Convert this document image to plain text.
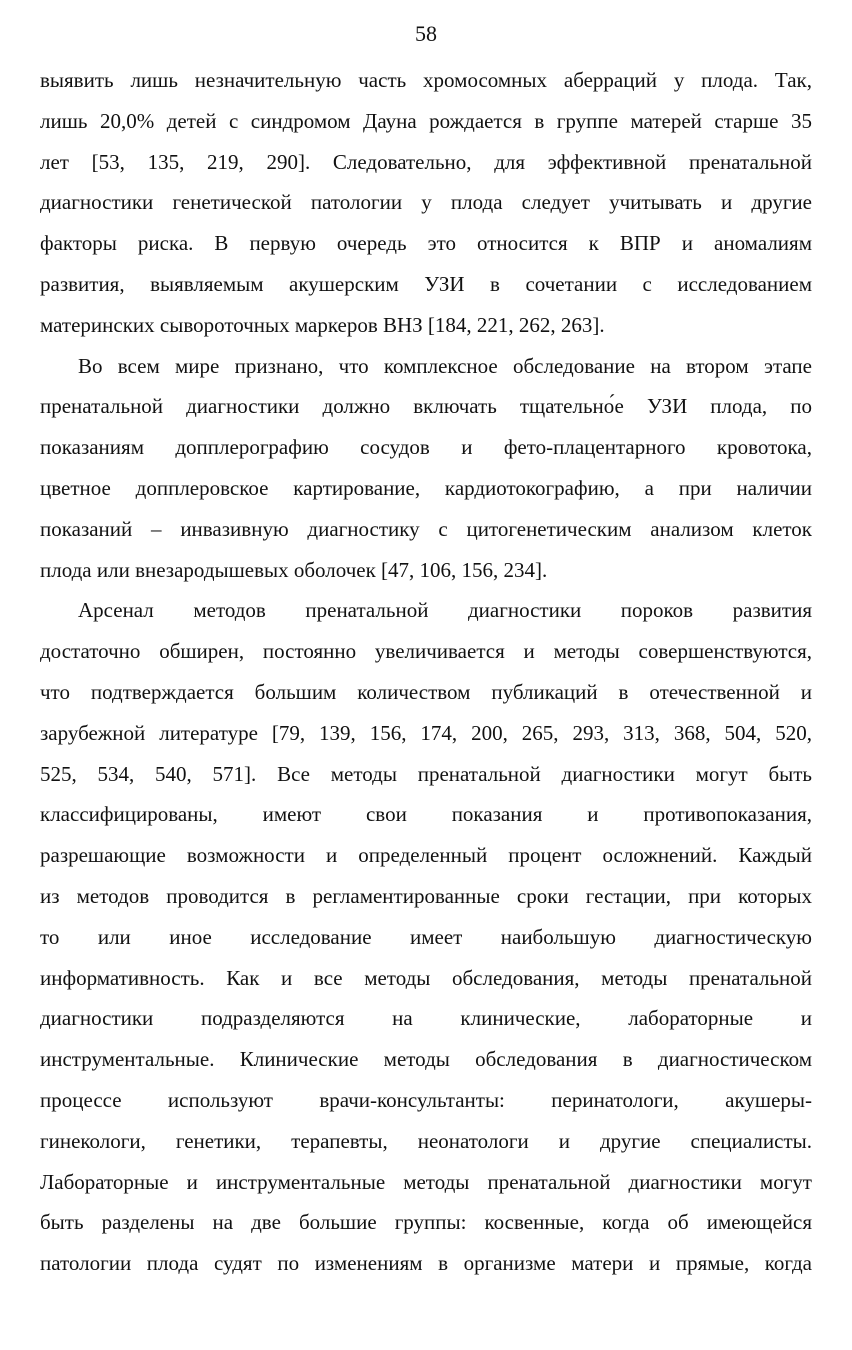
58

выявить лишь незначительную часть хромосомных аберраций у плода. Так,
лишь 20,0% детей с синдромом Дауна рождается в группе матерей старше 35
лет [53, 135, 219, 290]. Следовательно, для эффективной пренатальной
диагностики генетической патологии у плода следует учитывать и другие
факторы риска. В первую очередь это относится к ВПР и аномалиям
развития, выявляемым акушерским УЗИ в сочетании с исследованием
материнских сывороточных маркеров ВНЗ [184, 221, 262, 263].

Во всем мире признано, что комплексное обследование на втором этапе
пренатальной диагностики должно включать тщательно́е УЗИ плода, по
показаниям допплерографию сосудов и фето-плацентарного кровотока,
цветное допплеровское картирование, кардиотокографию, а при наличии
показаний – инвазивную диагностику с цитогенетическим анализом клеток
плода или внезародышевых оболочек [47, 106, 156, 234].

Арсенал методов пренатальной диагностики пороков развития
достаточно обширен, постоянно увеличивается и методы совершенствуются,
что подтверждается большим количеством публикаций в отечественной и
зарубежной литературе [79, 139, 156, 174, 200, 265, 293, 313, 368, 504, 520,
525, 534, 540, 571]. Все методы пренатальной диагностики могут быть
классифицированы, имеют свои показания и противопоказания,
разрешающие возможности и определенный процент осложнений. Каждый
из методов проводится в регламентированные сроки гестации, при которых
то или иное исследование имеет наибольшую диагностическую
информативность. Как и все методы обследования, методы пренатальной
диагностики подразделяются на клинические, лабораторные и
инструментальные. Клинические методы обследования в диагностическом
процессе используют врачи-консультанты: перинатологи, акушеры-
гинекологи, генетики, терапевты, неонатологи и другие специалисты.
Лабораторные и инструментальные методы пренатальной диагностики могут
быть разделены на две большие группы: косвенные, когда об имеющейся
патологии плода судят по изменениям в организме матери и прямые, когда
